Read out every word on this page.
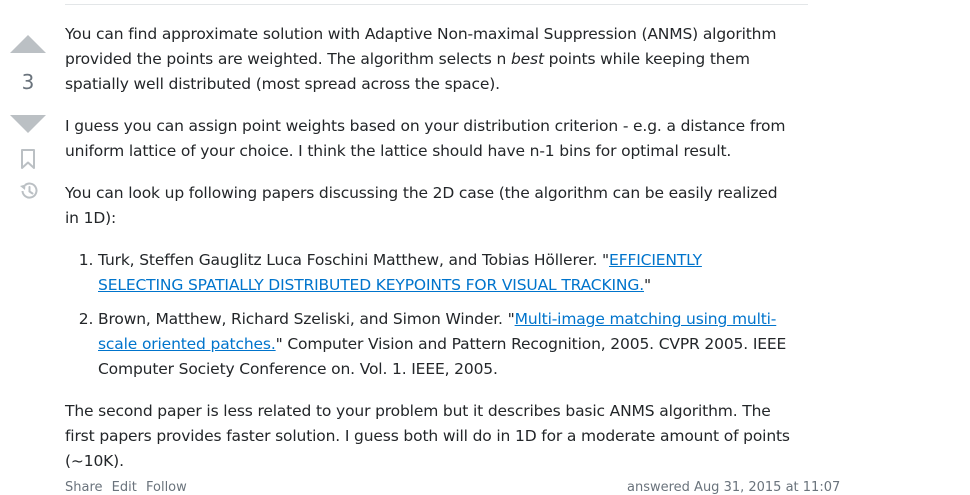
3

You can find approximate solution with Adaptive Non-maximal Suppression (ANMS) algorithm provided the points are weighted. The algorithm selects n best points while keeping them spatially well distributed (most spread across the space).

I guess you can assign point weights based on your distribution criterion - e.g. a distance from uniform lattice of your choice. I think the lattice should have n-1 bins for optimal result.

You can look up following papers discussing the 2D case (the algorithm can be easily realized in 1D):

1. Turk, Steffen Gauglitz Luca Foschini Matthew, and Tobias Höllerer. "EFFICIENTLY SELECTING SPATIALLY DISTRIBUTED KEYPOINTS FOR VISUAL TRACKING."
2. Brown, Matthew, Richard Szeliski, and Simon Winder. "Multi-image matching using multi-scale oriented patches." Computer Vision and Pattern Recognition, 2005. CVPR 2005. IEEE Computer Society Conference on. Vol. 1. IEEE, 2005.

The second paper is less related to your problem but it describes basic ANMS algorithm. The first papers provides faster solution. I guess both will do in 1D for a moderate amount of points (~10K).

Share Edit Follow	answered Aug 31, 2015 at 11:07
